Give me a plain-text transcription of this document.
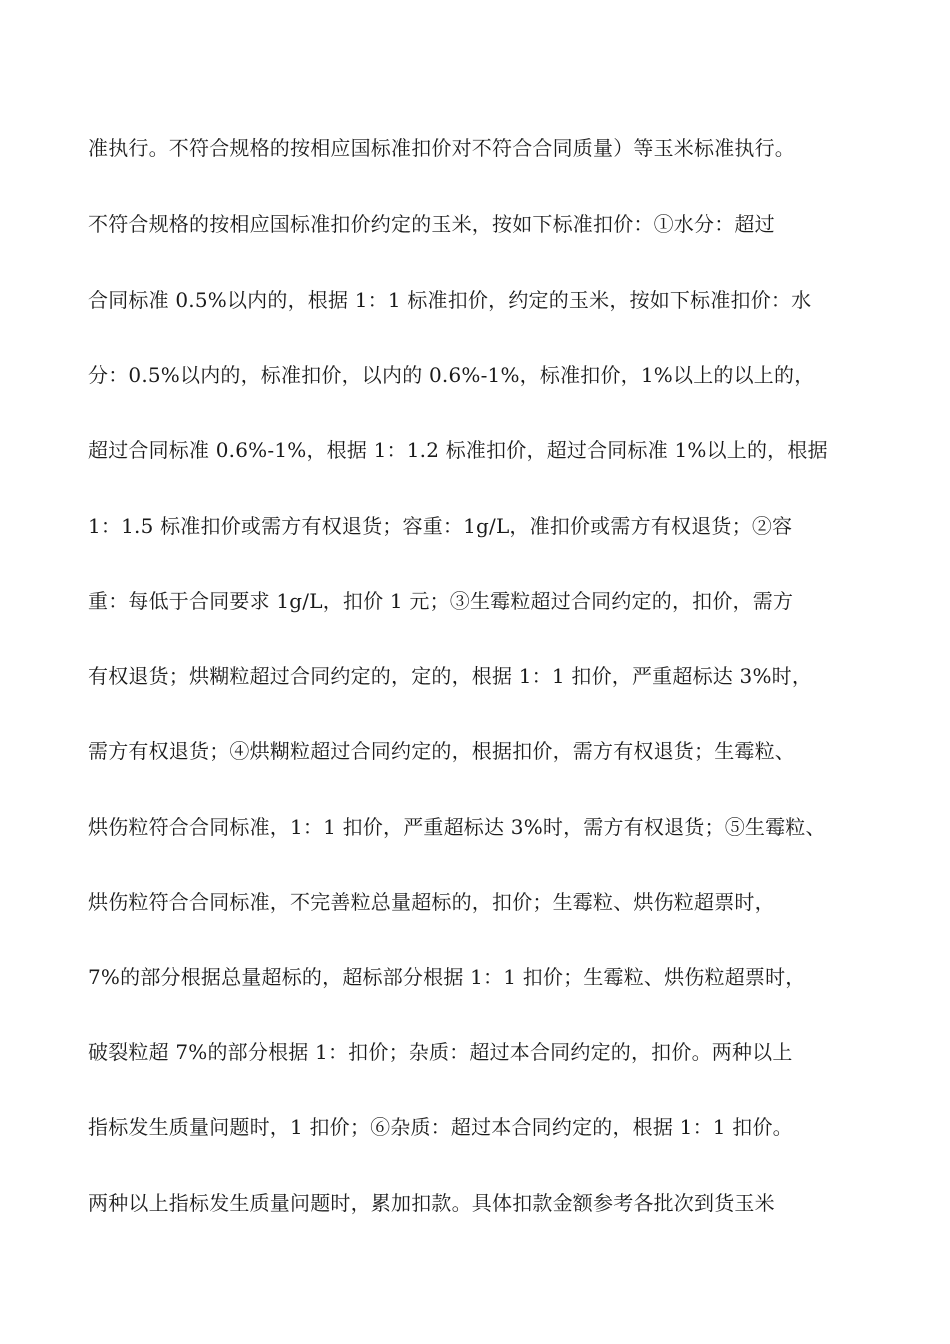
准执行。不符合规格的按相应国标准扣价对不符合合同质量）等玉米标准执行。
不符合规格的按相应国标准扣价约定的玉米，按如下标准扣价：①水分：超过
合同标准 0.5%以内的，根据 1：1 标准扣价，约定的玉米，按如下标准扣价：水
分：0.5%以内的，标准扣价，以内的 0.6%-1%，标准扣价，1%以上的以上的，
超过合同标准 0.6%-1%，根据 1：1.2 标准扣价，超过合同标准 1%以上的，根据
1：1.5 标准扣价或需方有权退货；容重：1g/L，准扣价或需方有权退货；②容
重：每低于合同要求 1g/L，扣价 1 元；③生霉粒超过合同约定的，扣价，需方
有权退货；烘糊粒超过合同约定的，定的，根据 1：1 扣价，严重超标达 3%时，
需方有权退货；④烘糊粒超过合同约定的，根据扣价，需方有权退货；生霉粒、
烘伤粒符合合同标准，1：1 扣价，严重超标达 3%时，需方有权退货；⑤生霉粒、
烘伤粒符合合同标准，不完善粒总量超标的，扣价；生霉粒、烘伤粒超票时，
7%的部分根据总量超标的，超标部分根据 1：1 扣价；生霉粒、烘伤粒超票时，
破裂粒超 7%的部分根据 1：扣价；杂质：超过本合同约定的，扣价。两种以上
指标发生质量问题时，1 扣价；⑥杂质：超过本合同约定的，根据 1：1 扣价。
两种以上指标发生质量问题时，累加扣款。具体扣款金额参考各批次到货玉米
